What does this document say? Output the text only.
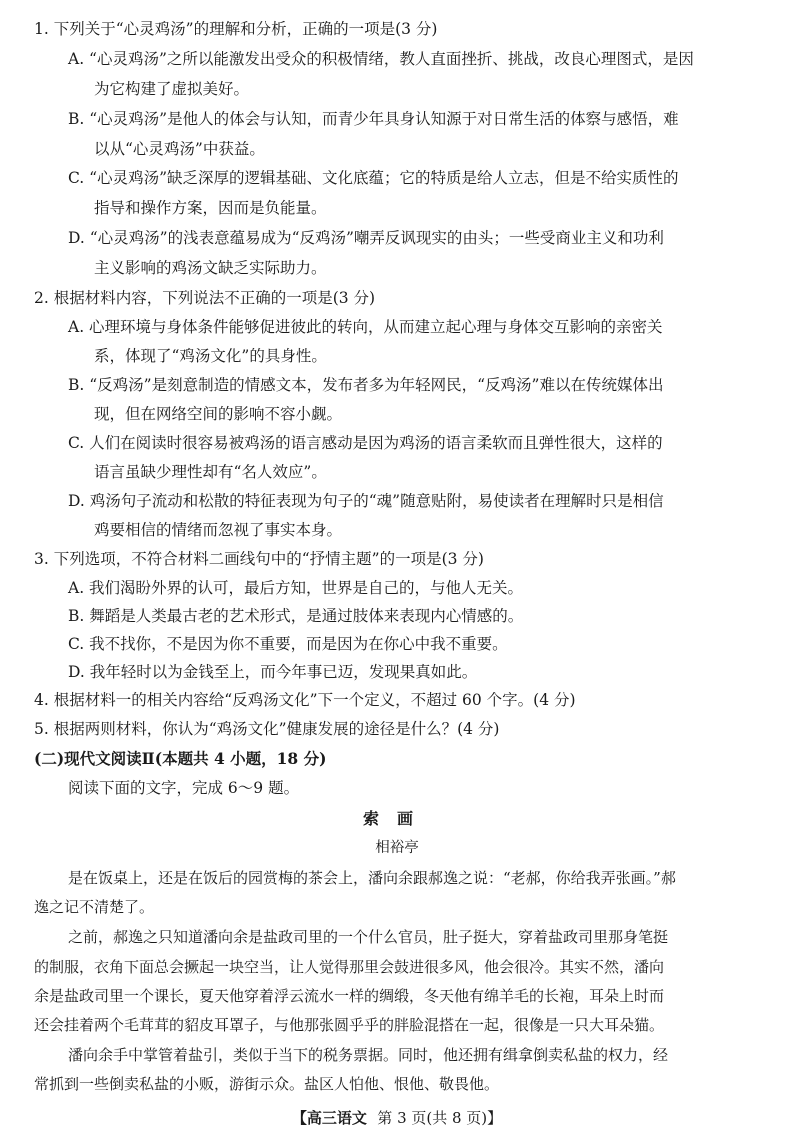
1. 下列关于“心灵鸡汤”的理解和分析，正确的一项是(3 分)
A. “心灵鸡汤”之所以能激发出受众的积极情绪，教人直面挫折、挑战，改良心理图式，是因
为它构建了虚拟美好。
B. “心灵鸡汤”是他人的体会与认知，而青少年具身认知源于对日常生活的体察与感悟，难
以从“心灵鸡汤”中获益。
C. “心灵鸡汤”缺乏深厚的逻辑基础、文化底蕴；它的特质是给人立志，但是不给实质性的
指导和操作方案，因而是负能量。
D. “心灵鸡汤”的浅表意蕴易成为“反鸡汤”嘲弄反讽现实的由头；一些受商业主义和功利
主义影响的鸡汤文缺乏实际助力。
2. 根据材料内容，下列说法不正确的一项是(3 分)
A. 心理环境与身体条件能够促进彼此的转向，从而建立起心理与身体交互影响的亲密关
系，体现了“鸡汤文化”的具身性。
B. “反鸡汤”是刻意制造的情感文本，发布者多为年轻网民，“反鸡汤”难以在传统媒体出
现，但在网络空间的影响不容小觑。
C. 人们在阅读时很容易被鸡汤的语言感动是因为鸡汤的语言柔软而且弹性很大，这样的
语言虽缺少理性却有“名人效应”。
D. 鸡汤句子流动和松散的特征表现为句子的“魂”随意贴附，易使读者在理解时只是相信
鸡要相信的情绪而忽视了事实本身。
3. 下列选项，不符合材料二画线句中的“抒情主题”的一项是(3 分)
A. 我们渴盼外界的认可，最后方知，世界是自己的，与他人无关。
B. 舞蹈是人类最古老的艺术形式，是通过肢体来表现内心情感的。
C. 我不找你，不是因为你不重要，而是因为在你心中我不重要。
D. 我年轻时以为金钱至上，而今年事已迈，发现果真如此。
4. 根据材料一的相关内容给“反鸡汤文化”下一个定义，不超过 60 个字。(4 分)
5. 根据两则材料，你认为“鸡汤文化”健康发展的途径是什么？(4 分)
(二)现代文阅读Ⅱ(本题共 4 小题，18 分)
阅读下面的文字，完成 6～9 题。
索画
相裕亭
是在饭桌上，还是在饭后的园赏梅的茶会上，潘向余跟郝逸之说：“老郝，你给我弄张画。”郝
逸之记不清楚了。
之前，郝逸之只知道潘向余是盐政司里的一个什么官员，肚子挺大，穿着盐政司里那身笔挺
的制服，衣角下面总会撅起一块空当，让人觉得那里会鼓进很多风，他会很冷。其实不然，潘向
余是盐政司里一个课长，夏天他穿着浮云流水一样的绸缎，冬天他有绵羊毛的长袍，耳朵上时而
还会挂着两个毛茸茸的貂皮耳罩子，与他那张圆乎乎的胖脸混搭在一起，很像是一只大耳朵猫。
潘向余手中掌管着盐引，类似于当下的税务票据。同时，他还拥有缉拿倒卖私盐的权力，经
常抓到一些倒卖私盐的小贩，游街示众。盐区人怕他、恨他、敬畏他。
【高三语文 第 3 页(共 8 页)】
